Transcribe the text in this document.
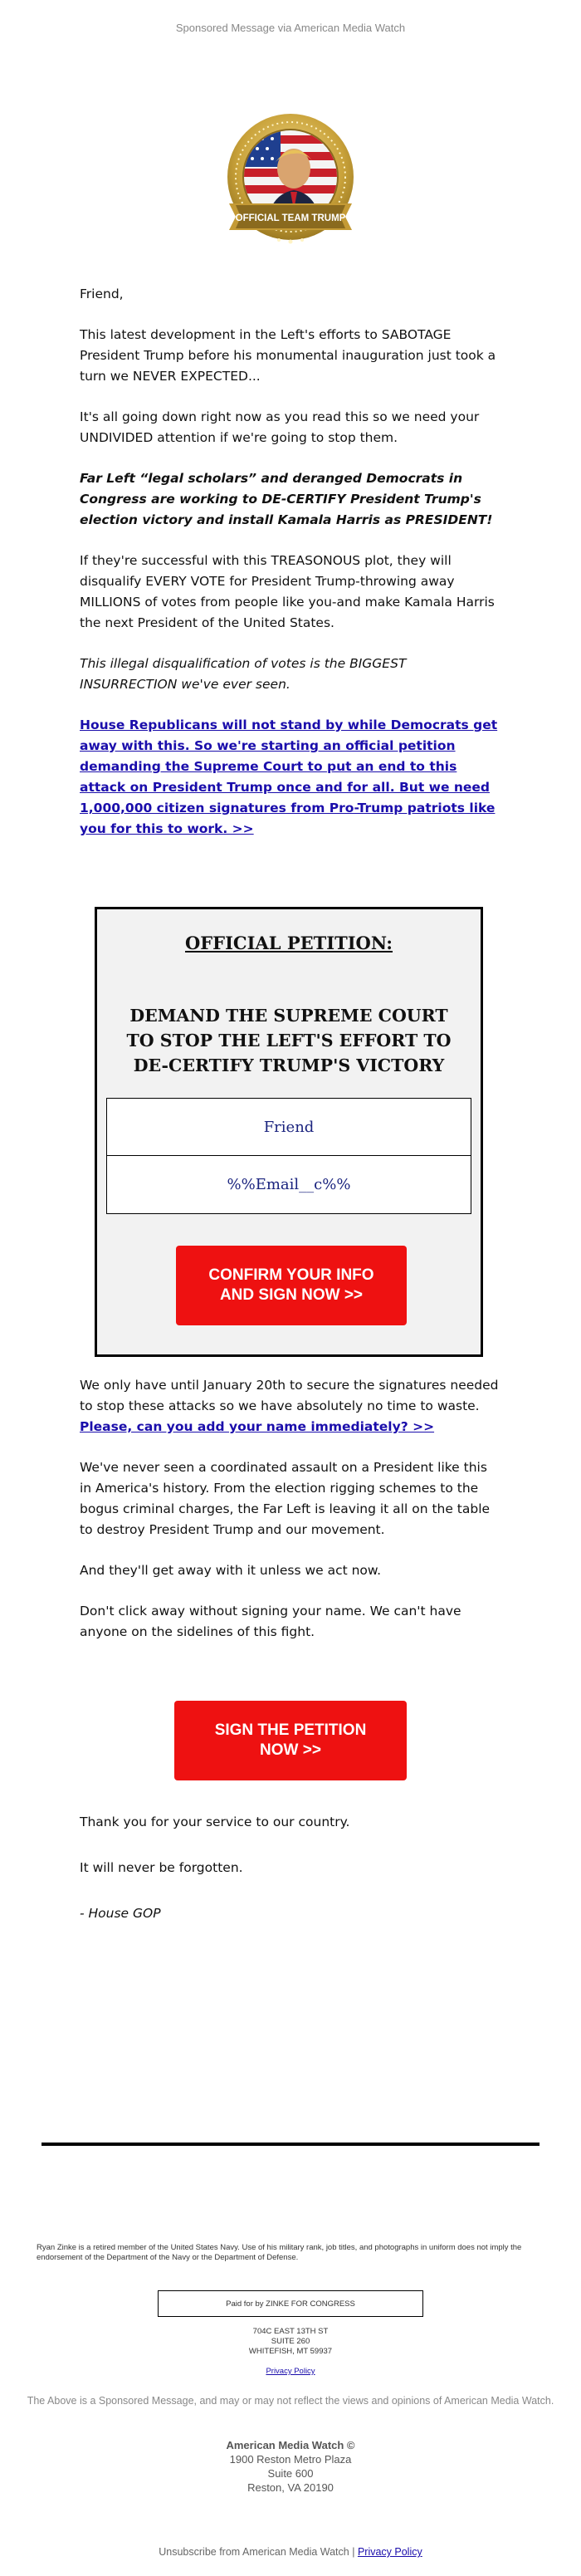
Sponsored Message via American Media Watch
OFFICIAL TEAM TRUMP

Friend,

This latest development in the Left's efforts to SABOTAGE President Trump before his monumental inauguration just took a turn we NEVER EXPECTED...

It's all going down right now as you read this so we need your UNDIVIDED attention if we're going to stop them.

Far Left “legal scholars” and deranged Democrats in Congress are working to DE-CERTIFY President Trump's election victory and install Kamala Harris as PRESIDENT!

If they're successful with this TREASONOUS plot, they will disqualify EVERY VOTE for President Trump-throwing away MILLIONS of votes from people like you-and make Kamala Harris the next President of the United States.

This illegal disqualification of votes is the BIGGEST INSURRECTION we've ever seen.

House Republicans will not stand by while Democrats get away with this. So we're starting an official petition demanding the Supreme Court to put an end to this attack on President Trump once and for all. But we need 1,000,000 citizen signatures from Pro-Trump patriots like you for this to work. >>

OFFICIAL PETITION:
DEMAND THE SUPREME COURT TO STOP THE LEFT'S EFFORT TO DE-CERTIFY TRUMP'S VICTORY
Friend
%%Email__c%%
CONFIRM YOUR INFO AND SIGN NOW >>

We only have until January 20th to secure the signatures needed to stop these attacks so we have absolutely no time to waste. Please, can you add your name immediately? >>

We've never seen a coordinated assault on a President like this in America's history. From the election rigging schemes to the bogus criminal charges, the Far Left is leaving it all on the table to destroy President Trump and our movement.

And they'll get away with it unless we act now.

Don't click away without signing your name. We can't have anyone on the sidelines of this fight.

SIGN THE PETITION NOW >>

Thank you for your service to our country.

It will never be forgotten.

- House GOP

Ryan Zinke is a retired member of the United States Navy. Use of his military rank, job titles, and photographs in uniform does not imply the endorsement of the Department of the Navy or the Department of Defense.
Paid for by ZINKE FOR CONGRESS
704C EAST 13TH ST
SUITE 260
WHITEFISH, MT 59937
Privacy Policy
The Above is a Sponsored Message, and may or may not reflect the views and opinions of American Media Watch.
American Media Watch ©
1900 Reston Metro Plaza
Suite 600
Reston, VA 20190
Unsubscribe from American Media Watch | Privacy Policy
